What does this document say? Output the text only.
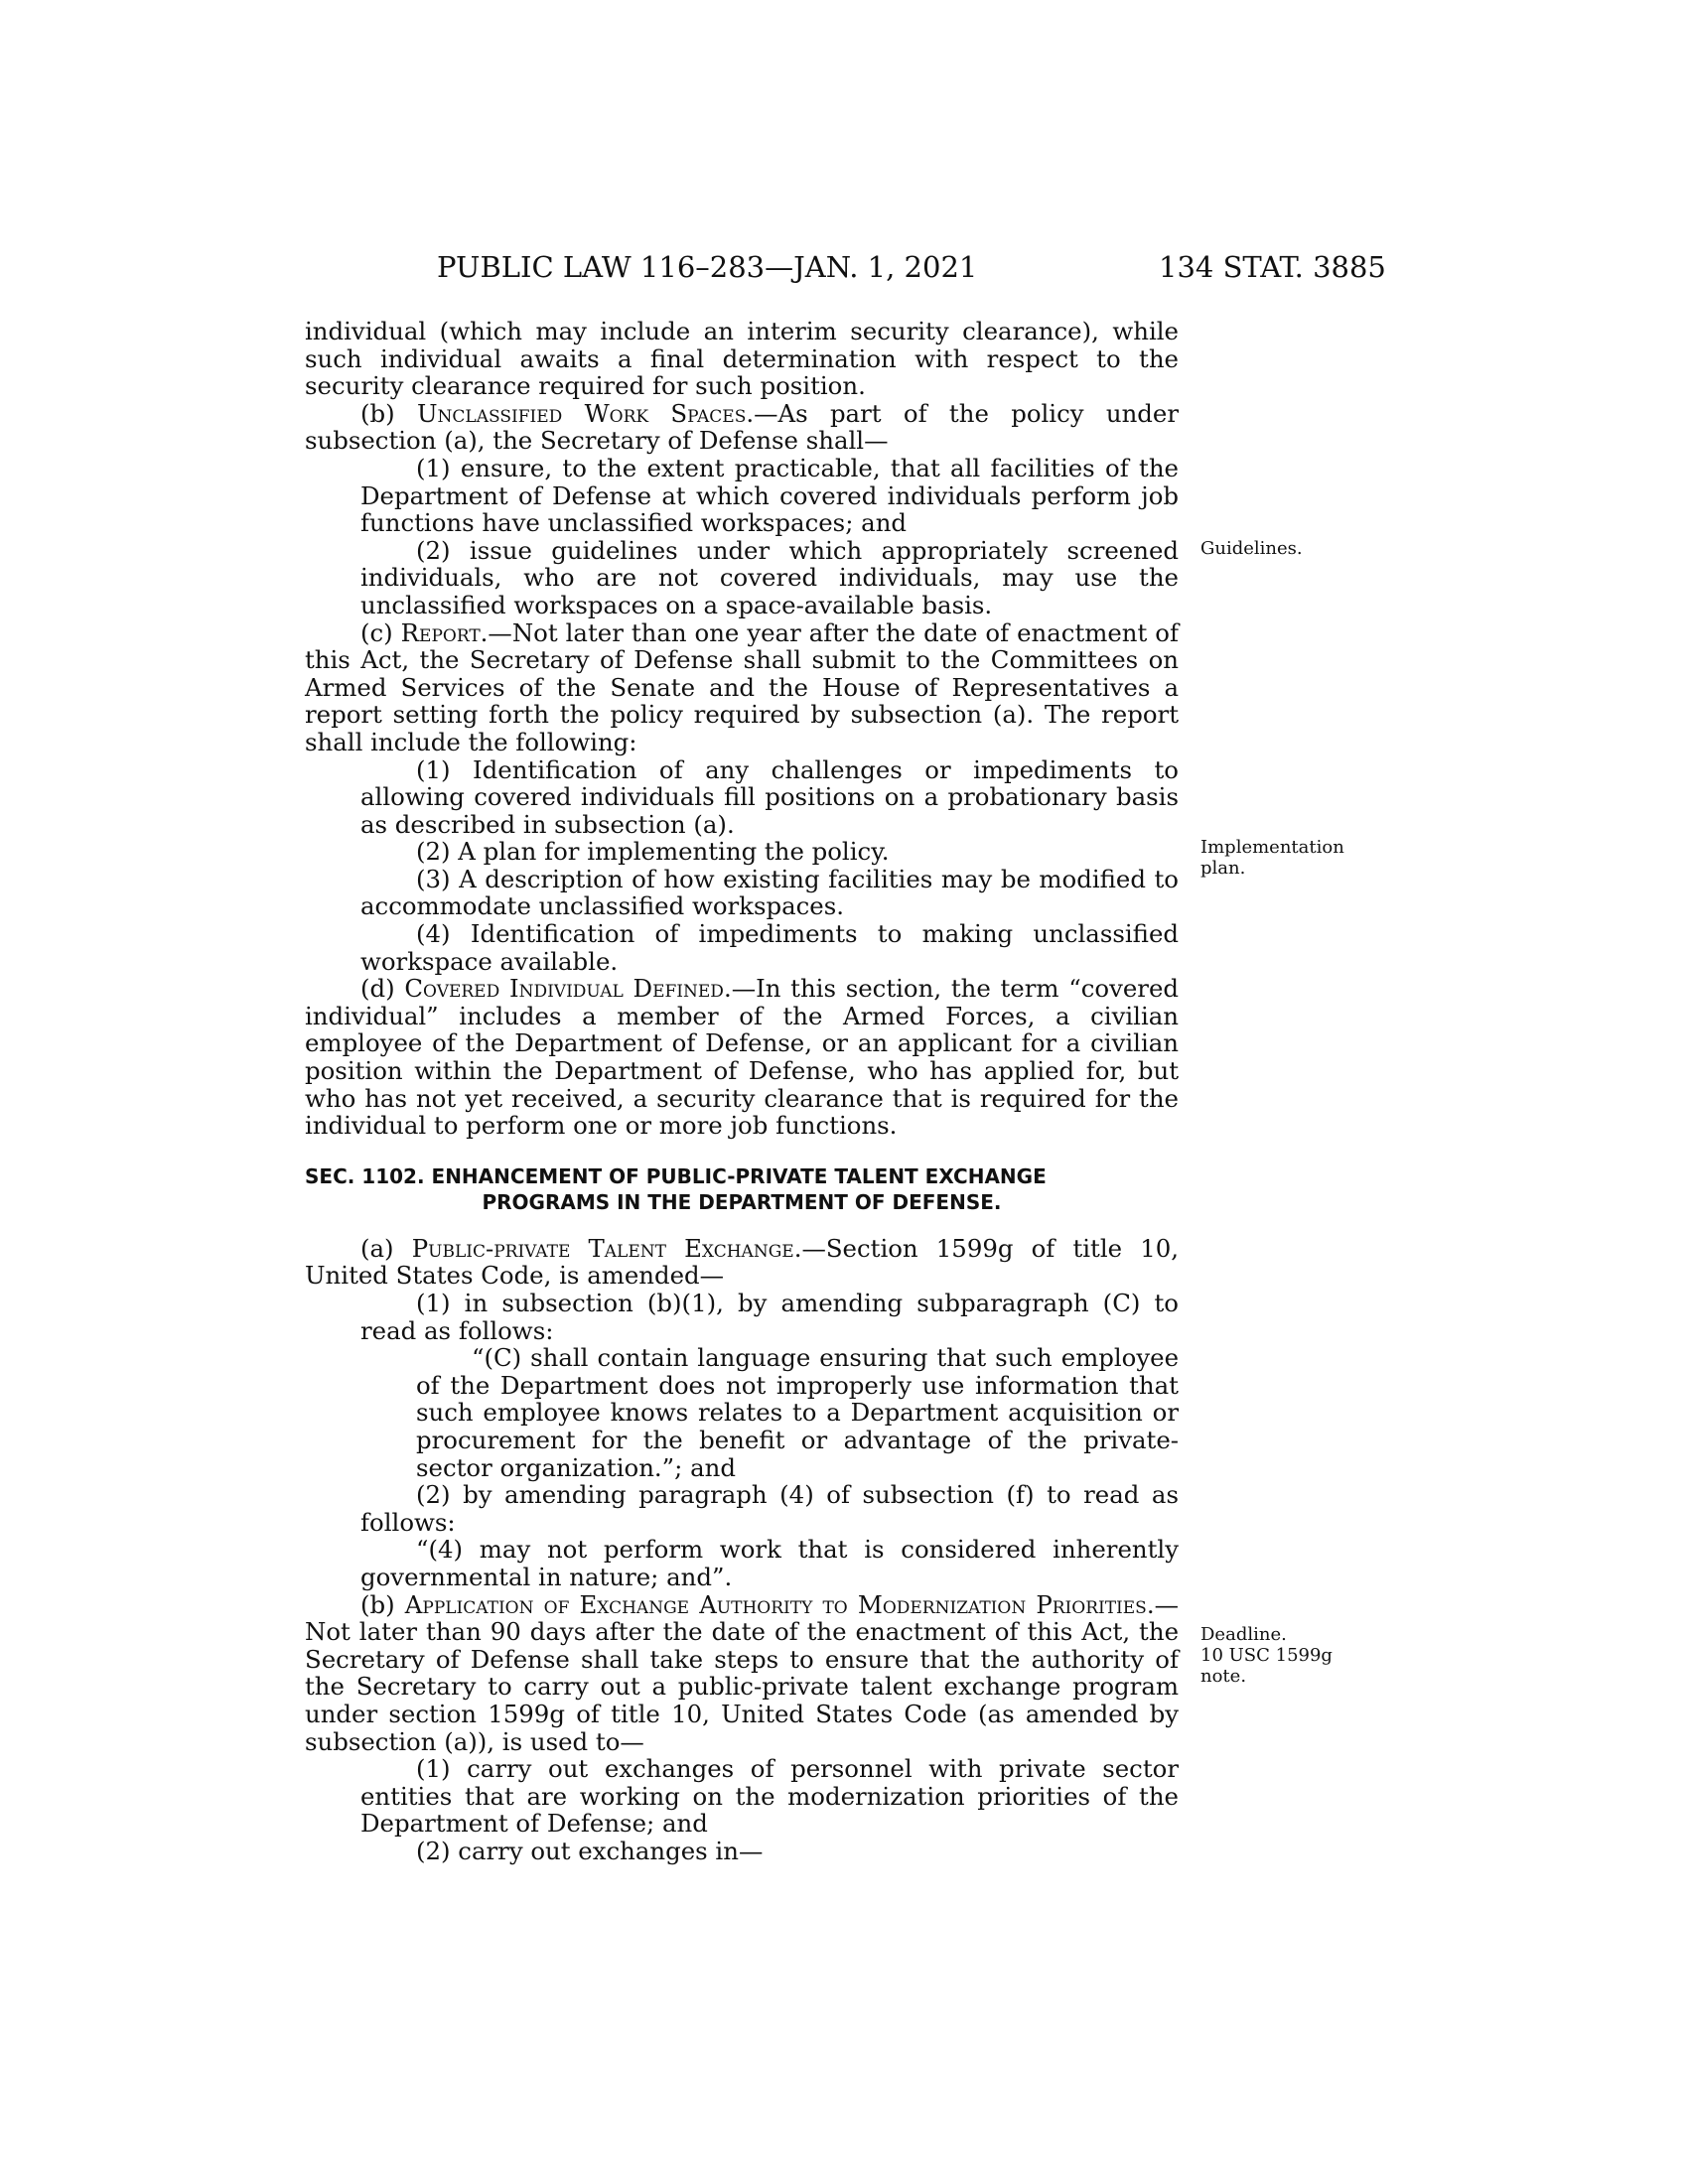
PUBLIC LAW 116–283—JAN. 1, 2021	134 STAT. 3885

individual (which may include an interim security clearance), while such individual awaits a final determination with respect to the security clearance required for such position.

(b) Unclassified Work Spaces.—As part of the policy under subsection (a), the Secretary of Defense shall—

(1) ensure, to the extent practicable, that all facilities of the Department of Defense at which covered individuals perform job functions have unclassified workspaces; and

(2) issue guidelines under which appropriately screened individuals, who are not covered individuals, may use the unclassified workspaces on a space-available basis.

(c) Report.—Not later than one year after the date of enactment of this Act, the Secretary of Defense shall submit to the Committees on Armed Services of the Senate and the House of Representatives a report setting forth the policy required by subsection (a). The report shall include the following:

(1) Identification of any challenges or impediments to allowing covered individuals fill positions on a probationary basis as described in subsection (a).

(2) A plan for implementing the policy.

(3) A description of how existing facilities may be modified to accommodate unclassified workspaces.

(4) Identification of impediments to making unclassified workspace available.

(d) Covered Individual Defined.—In this section, the term “covered individual” includes a member of the Armed Forces, a civilian employee of the Department of Defense, or an applicant for a civilian position within the Department of Defense, who has applied for, but who has not yet received, a security clearance that is required for the individual to perform one or more job functions.

SEC. 1102. ENHANCEMENT OF PUBLIC-PRIVATE TALENT EXCHANGE
PROGRAMS IN THE DEPARTMENT OF DEFENSE.

(a) Public-private Talent Exchange.—Section 1599g of title 10, United States Code, is amended—

(1) in subsection (b)(1), by amending subparagraph (C) to read as follows:

“(C) shall contain language ensuring that such employee of the Department does not improperly use information that such employee knows relates to a Department acquisition or procurement for the benefit or advantage of the private-sector organization.”; and

(2) by amending paragraph (4) of subsection (f) to read as follows:

“(4) may not perform work that is considered inherently governmental in nature; and”.

(b) Application of Exchange Authority to Modernization Priorities.—Not later than 90 days after the date of the enactment of this Act, the Secretary of Defense shall take steps to ensure that the authority of the Secretary to carry out a public-private talent exchange program under section 1599g of title 10, United States Code (as amended by subsection (a)), is used to—

(1) carry out exchanges of personnel with private sector entities that are working on the modernization priorities of the Department of Defense; and

(2) carry out exchanges in—

Guidelines.
Implementation
plan.
Deadline.
10 USC 1599g
note.
